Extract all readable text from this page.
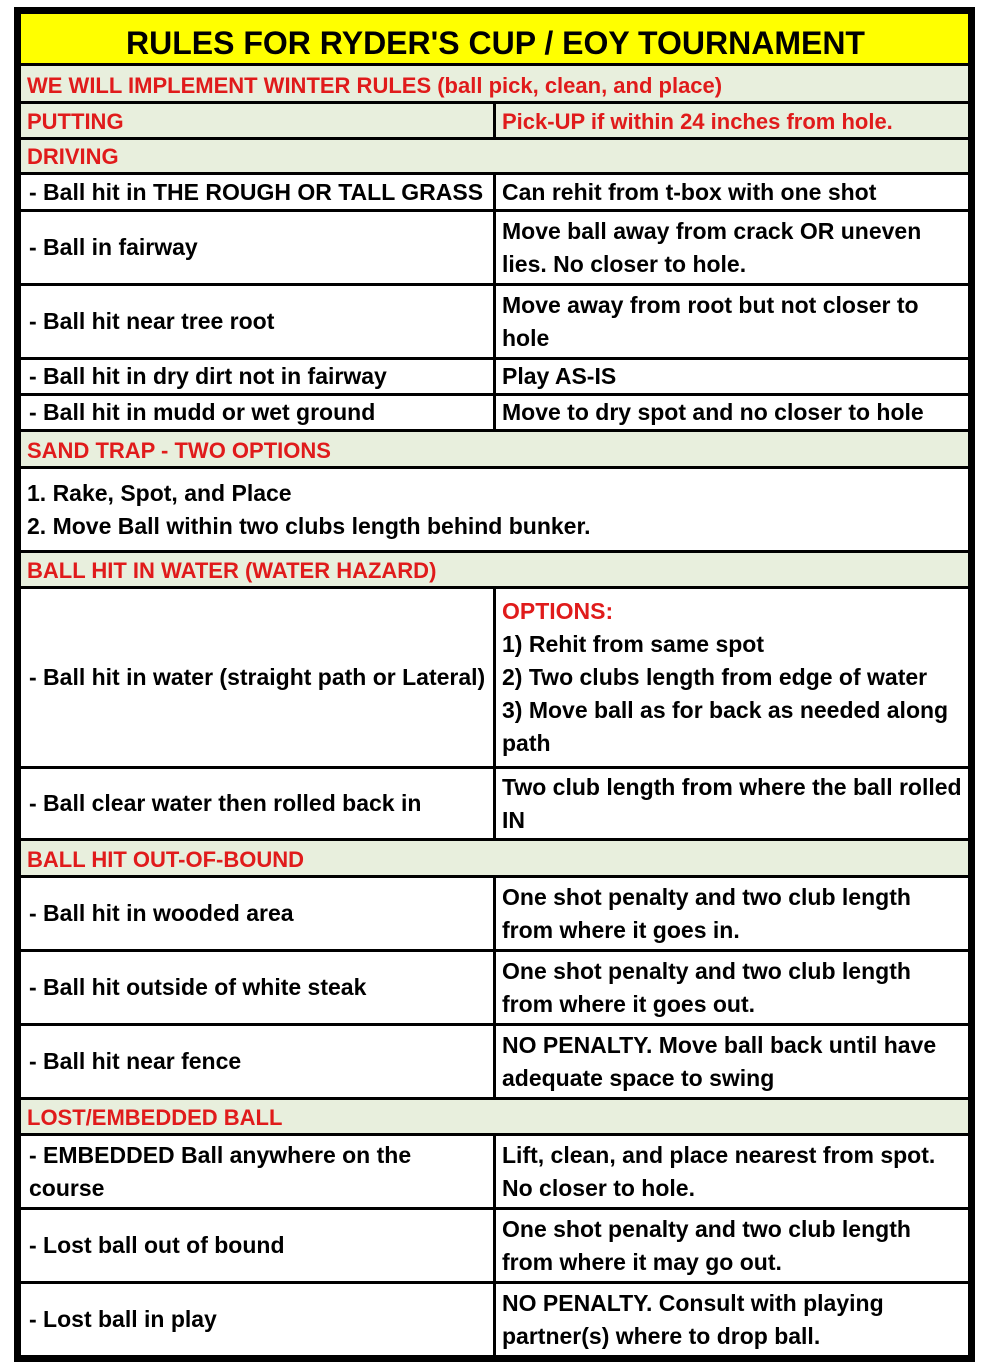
RULES FOR RYDER'S CUP / EOY TOURNAMENT	
WE WILL IMPLEMENT WINTER RULES (ball pick, clean, and place)	
PUTTING	Pick-UP if within 24 inches from hole.
DRIVING	
- Ball hit in THE ROUGH OR TALL GRASS	Can rehit from t-box with one shot
- Ball in fairway	Move ball away from crack OR uneven lies. No closer to hole.
- Ball hit near tree root	Move away from root but not closer to hole
- Ball hit in dry dirt not in fairway	Play AS-IS
- Ball hit in mudd or wet ground	Move to dry spot and no closer to hole
SAND TRAP - TWO OPTIONS	

1. Rake, Spot, and Place
2. Move Ball within two clubs length behind bunker.	

BALL HIT IN WATER (WATER HAZARD)	
- Ball hit in water (straight path or Lateral)	OPTIONS:
1) Rehit from same spot
2) Two clubs length from edge of water
3) Move ball as for back as needed along path

- Ball clear water then rolled back in	Two club length from where the ball rolled IN
BALL HIT OUT-OF-BOUND	
- Ball hit in wooded area	One shot penalty and two club length from where it goes in.
- Ball hit outside of white steak	One shot penalty and two club length from where it goes out.
- Ball hit near fence	NO PENALTY. Move ball back until have adequate space to swing
LOST/EMBEDDED BALL	
- EMBEDDED Ball anywhere on the course	Lift, clean, and place nearest from spot. No closer to hole.
- Lost ball out of bound	One shot penalty and two club length from where it may go out.
- Lost ball in play	NO PENALTY. Consult with playing partner(s) where to drop ball.
